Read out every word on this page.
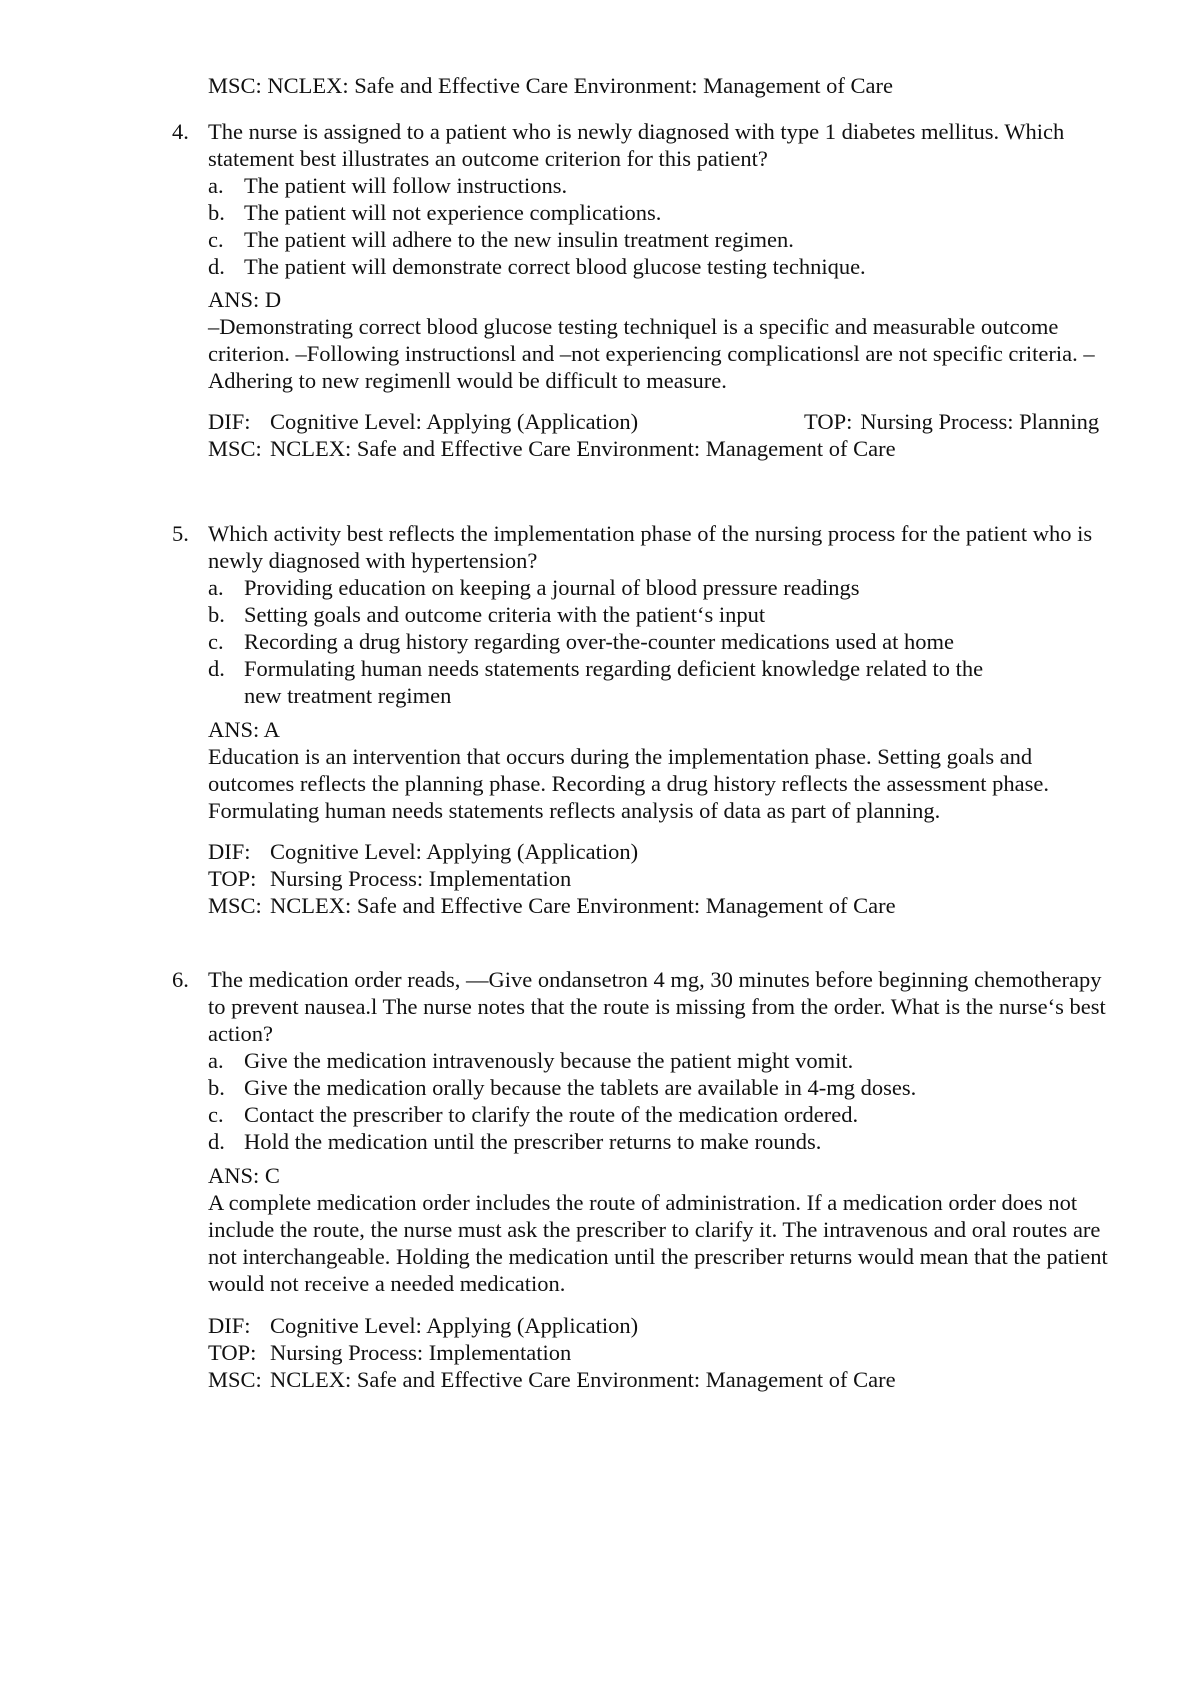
MSC: NCLEX: Safe and Effective Care Environment: Management of Care
4. The nurse is assigned to a patient who is newly diagnosed with type 1 diabetes mellitus. Which statement best illustrates an outcome criterion for this patient?
a. The patient will follow instructions.
b. The patient will not experience complications.
c. The patient will adhere to the new insulin treatment regimen.
d. The patient will demonstrate correct blood glucose testing technique.

ANS: D

–Demonstrating correct blood glucose testing techniquel is a specific and measurable outcome criterion. –Following instructionsl and –not experiencing complicationsl are not specific criteria. –Adhering to new regimenll would be difficult to measure.

DIF: Cognitive Level: Applying (Application)	TOP: Nursing Process: Planning
MSC: NCLEX: Safe and Effective Care Environment: Management of Care
5. Which activity best reflects the implementation phase of the nursing process for the patient who is newly diagnosed with hypertension?
a. Providing education on keeping a journal of blood pressure readings
b. Setting goals and outcome criteria with the patient‘s input
c. Recording a drug history regarding over-the-counter medications used at home
d. Formulating human needs statements regarding deficient knowledge related to the new treatment regimen

ANS: A

Education is an intervention that occurs during the implementation phase. Setting goals and outcomes reflects the planning phase. Recording a drug history reflects the assessment phase. Formulating human needs statements reflects analysis of data as part of planning.

DIF: Cognitive Level: Applying (Application)
TOP: Nursing Process: Implementation
MSC: NCLEX: Safe and Effective Care Environment: Management of Care
6. The medication order reads, ―Give ondansetron 4 mg, 30 minutes before beginning chemotherapy to prevent nausea.l The nurse notes that the route is missing from the order. What is the nurse‘s best action?
a. Give the medication intravenously because the patient might vomit.
b. Give the medication orally because the tablets are available in 4-mg doses.
c. Contact the prescriber to clarify the route of the medication ordered.
d. Hold the medication until the prescriber returns to make rounds.

ANS: C

A complete medication order includes the route of administration. If a medication order does not include the route, the nurse must ask the prescriber to clarify it. The intravenous and oral routes are not interchangeable. Holding the medication until the prescriber returns would mean that the patient would not receive a needed medication.

DIF: Cognitive Level: Applying (Application)
TOP: Nursing Process: Implementation
MSC: NCLEX: Safe and Effective Care Environment: Management of Care
